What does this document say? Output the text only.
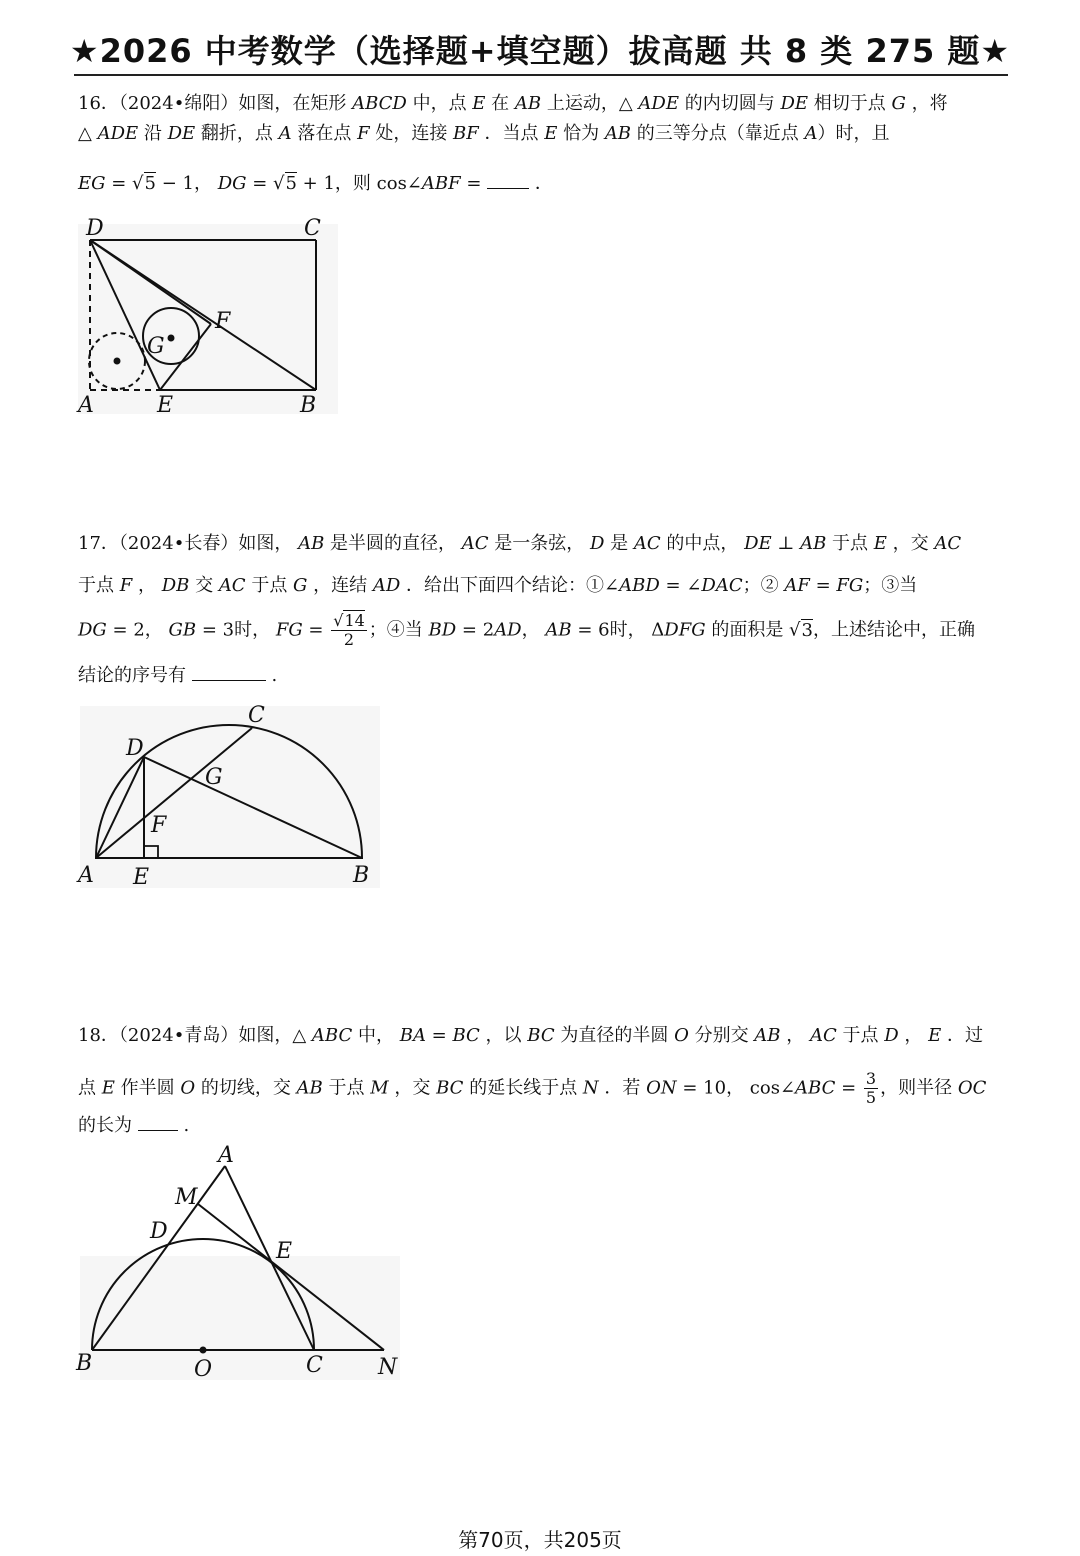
★2026 中考数学（选择题+填空题）拔高题 共 8 类 275 题★
16．（2024•绵阳）如图，在矩形 ABCD 中，点 E 在 AB 上运动，△ ADE 的内切圆与 DE 相切于点 G ，将
△ ADE 沿 DE 翻折，点 A 落在点 F 处，连接 BF ．当点 E 恰为 AB 的三等分点（靠近点 A）时，且
EG = √5 − 1， DG = √5 + 1，则 cos∠ABF =  ．
D	C
F
G
A	E	B
17．（2024•长春）如图， AB 是半圆的直径， AC 是一条弦， D 是 AC 的中点， DE ⊥ AB 于点 E ，交 AC
于点 F ， DB 交 AC 于点 G ，连结 AD ．给出下面四个结论：①∠ABD = ∠DAC；② AF = FG；③当
DG = 2， GB = 3时， FG = $\frac{√14}{2}$ ；④当 BD = 2AD， AB = 6时， ΔDFG 的面积是 √3，上述结论中，正确
结论的序号有	.
C
D
G
F
A E	B
18．（2024•青岛）如图，△ ABC 中， BA = BC ，以 BC 为直径的半圆 O 分别交 AB ， AC 于点 D ， E ．过
点 E 作半圆 O 的切线，交 AB 于点 M ，交 BC 的延长线于点 N ．若 ON = 10， cos∠ABC = $\frac{3}{5}$ ，则半径 OC
的长为  .
A
M
D
E
B	O	C	N
第70页，共205页
